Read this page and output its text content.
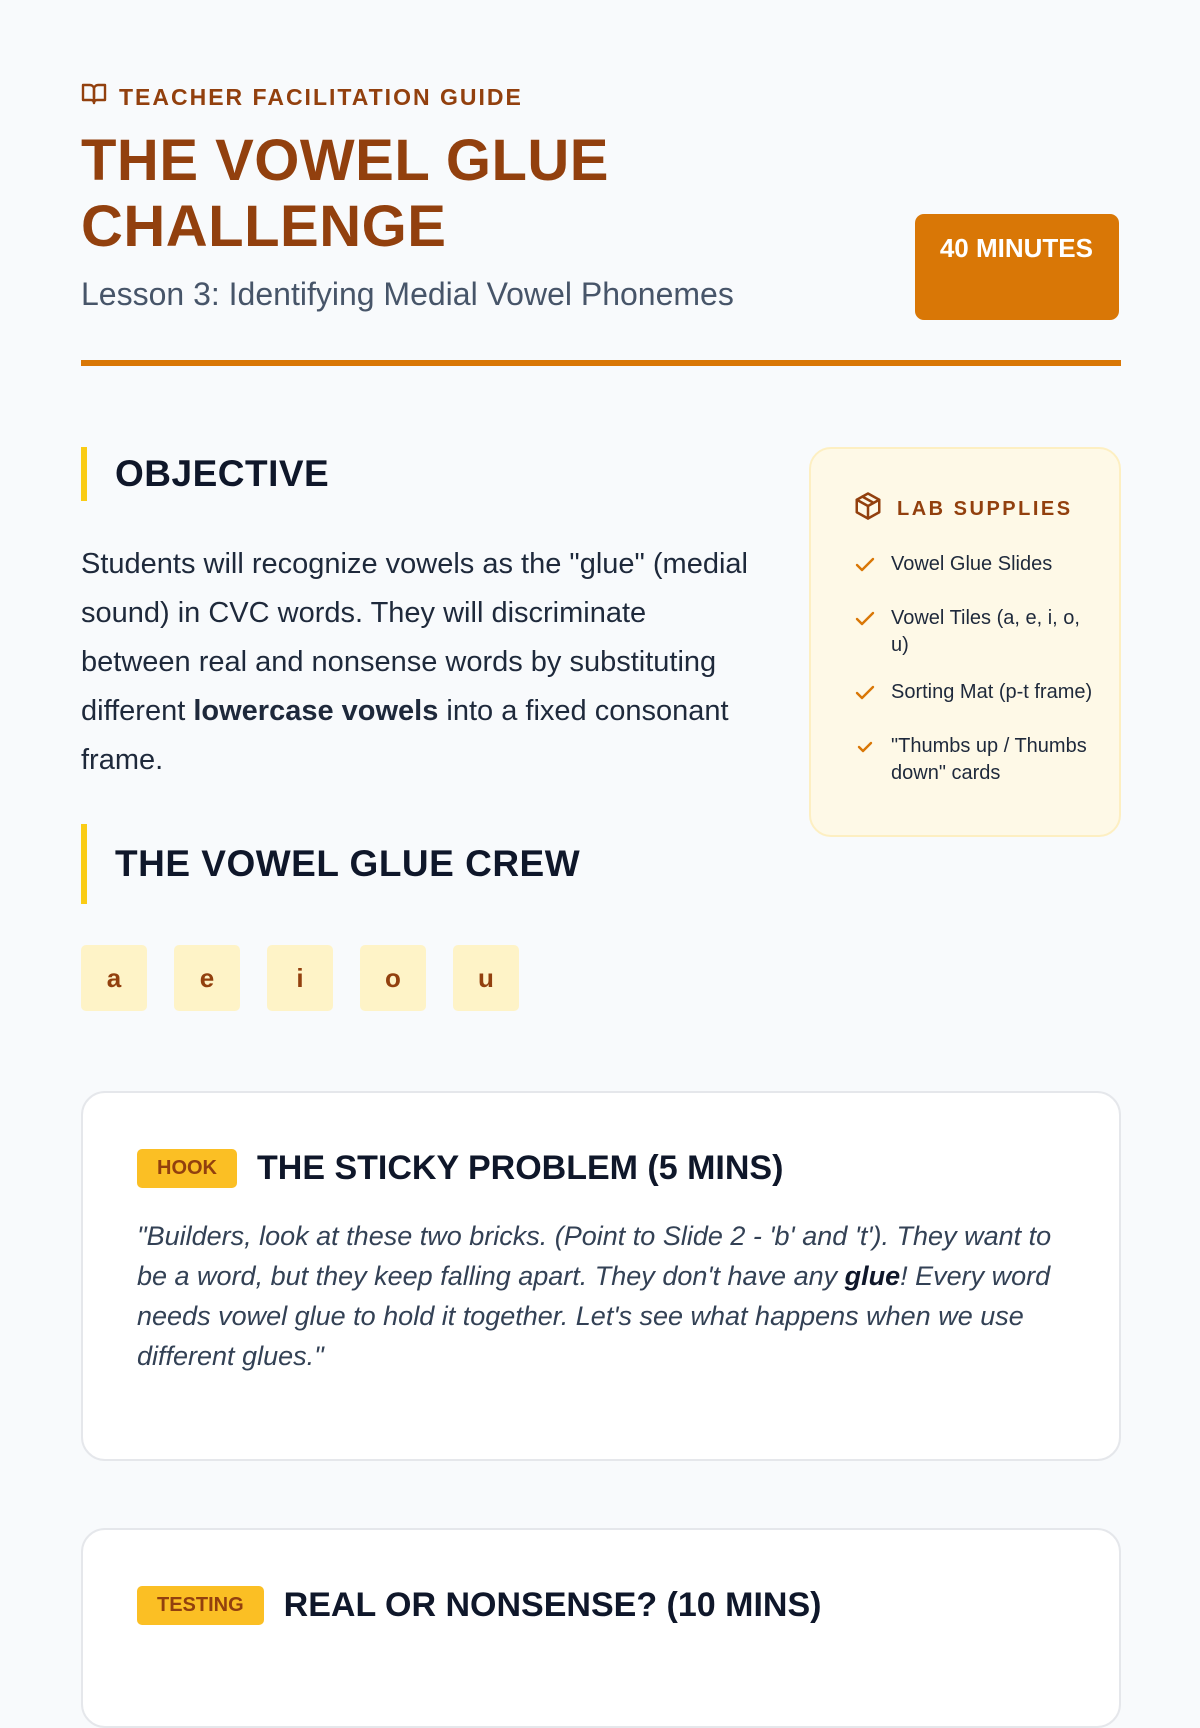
TEACHER FACILITATION GUIDE
THE VOWEL GLUE CHALLENGE

Lesson 3: Identifying Medial Vowel Phonemes

40 MINUTES
OBJECTIVE

Students will recognize vowels as the "glue" (medial sound) in CVC words. They will discriminate between real and nonsense words by substituting different lowercase vowels into a fixed consonant frame.

LAB SUPPLIES
Vowel Glue Slides
Vowel Tiles (a, e, i, o, u)
Sorting Mat (p-t frame)
"Thumbs up / Thumbs down" cards
THE VOWEL GLUE CREW
a	e	i	o	u
HOOK	THE STICKY PROBLEM (5 MINS)

"Builders, look at these two bricks. (Point to Slide 2 - 'b' and 't'). They want to be a word, but they keep falling apart. They don't have any glue! Every word needs vowel glue to hold it together. Let's see what happens when we use different glues."

TESTING	REAL OR NONSENSE? (10 MINS)
